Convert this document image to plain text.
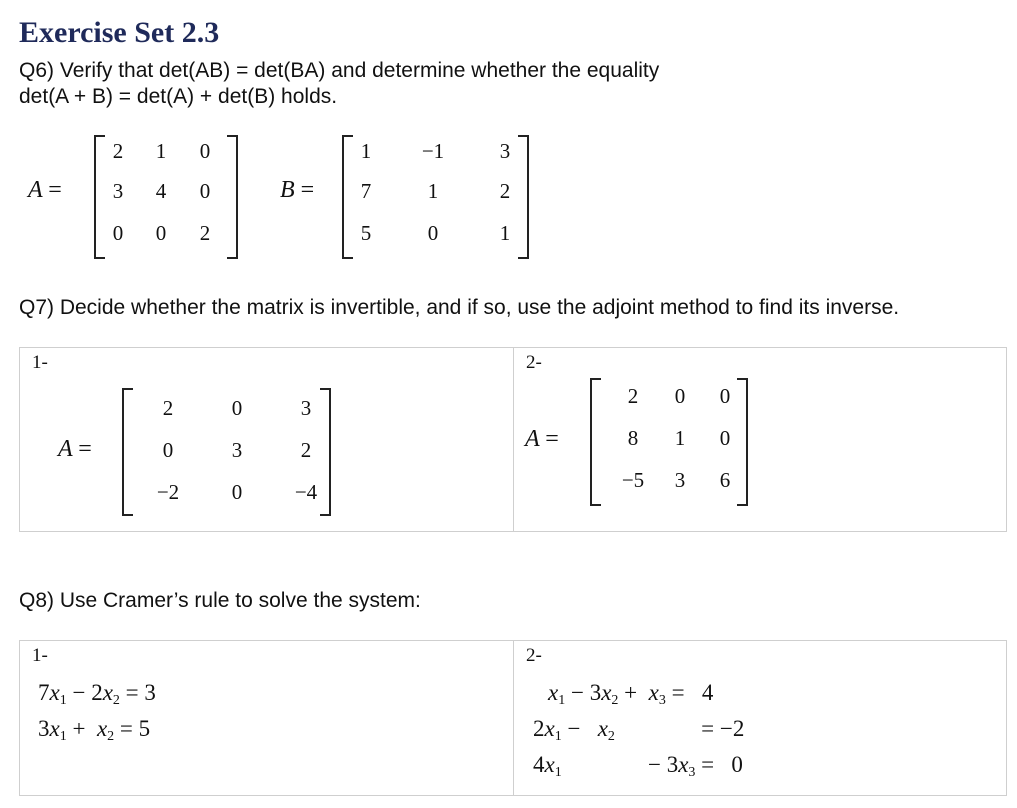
Exercise Set 2.3
Q6) Verify that det(AB) = det(BA) and determine whether the equality
det(A + B) = det(A) + det(B) holds.
A =
2	1	0
3	4	0
0	0	2
B =
1	−1	3
7	1	2
5	0	1
Q7) Decide whether the matrix is invertible, and if so, use the adjoint method to find its inverse.
1-	2-
A =
2	0	3
0	3	2
−2	0	−4
A =
2	0	0
8	1	0
−5	3	6
Q8) Use Cramer’s rule to solve the system:
1-	2-
$7x_1 - 2x_2 = 3$
$3x_1 + x_2 = 5$
$x_1 - 3x_2 + x_3 = 4$
$2x_1 - x_2$               = −2
$4x_1$               − $3x_3 = 0$
